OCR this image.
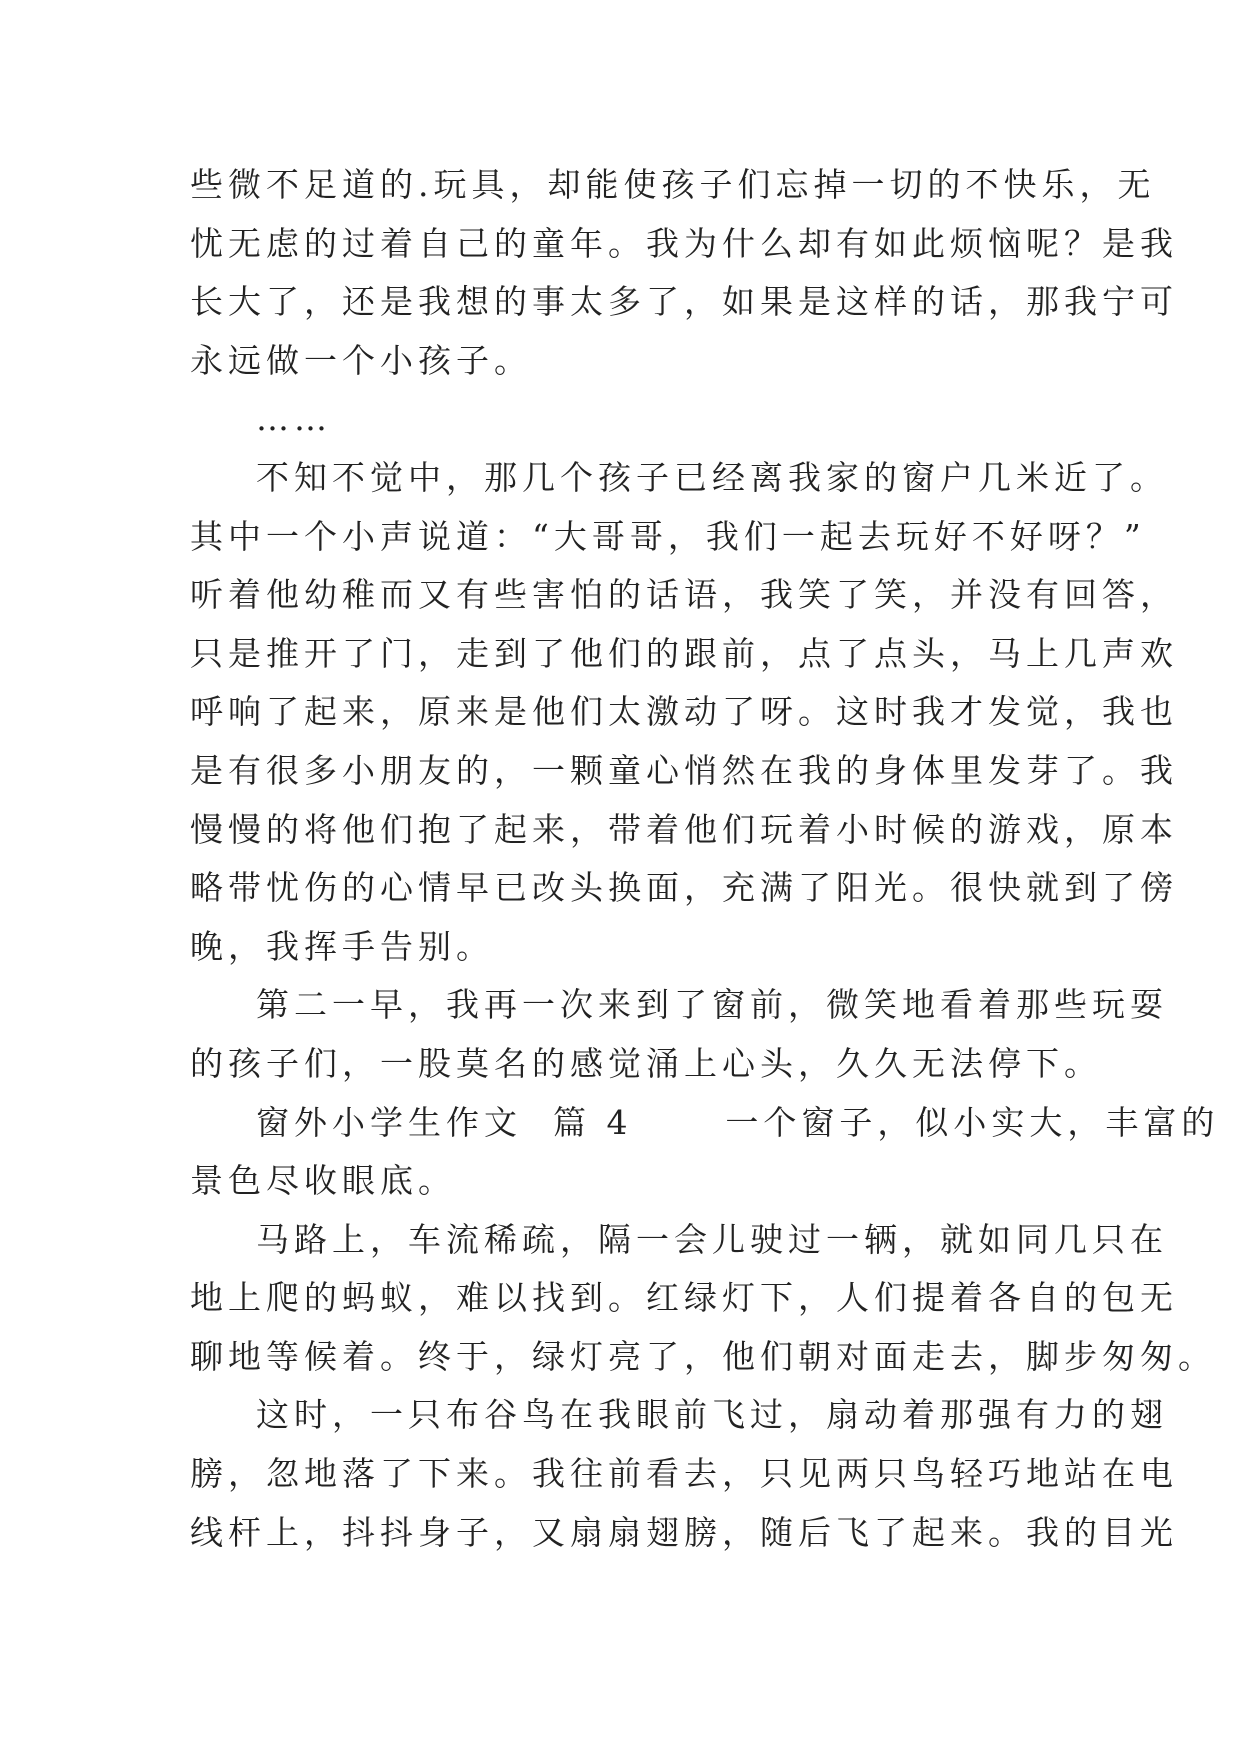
些微不足道的.玩具，却能使孩子们忘掉一切的不快乐，无
忧无虑的过着自己的童年。我为什么却有如此烦恼呢？是我
长大了，还是我想的事太多了，如果是这样的话，那我宁可
永远做一个小孩子。
……
不知不觉中，那几个孩子已经离我家的窗户几米近了。
其中一个小声说道：“大哥哥，我们一起去玩好不好呀？”
听着他幼稚而又有些害怕的话语，我笑了笑，并没有回答，
只是推开了门，走到了他们的跟前，点了点头，马上几声欢
呼响了起来，原来是他们太激动了呀。这时我才发觉，我也
是有很多小朋友的，一颗童心悄然在我的身体里发芽了。我
慢慢的将他们抱了起来，带着他们玩着小时候的游戏，原本
略带忧伤的心情早已改头换面，充满了阳光。很快就到了傍
晚，我挥手告别。
第二一早，我再一次来到了窗前，微笑地看着那些玩耍
的孩子们，一股莫名的感觉涌上心头，久久无法停下。
窗外小学生作文  篇 4      一个窗子，似小实大，丰富的
景色尽收眼底。
马路上，车流稀疏，隔一会儿驶过一辆，就如同几只在
地上爬的蚂蚁，难以找到。红绿灯下，人们提着各自的包无
聊地等候着。终于，绿灯亮了，他们朝对面走去，脚步匆匆。
这时，一只布谷鸟在我眼前飞过，扇动着那强有力的翅
膀，忽地落了下来。我往前看去，只见两只鸟轻巧地站在电
线杆上，抖抖身子，又扇扇翅膀，随后飞了起来。我的目光
